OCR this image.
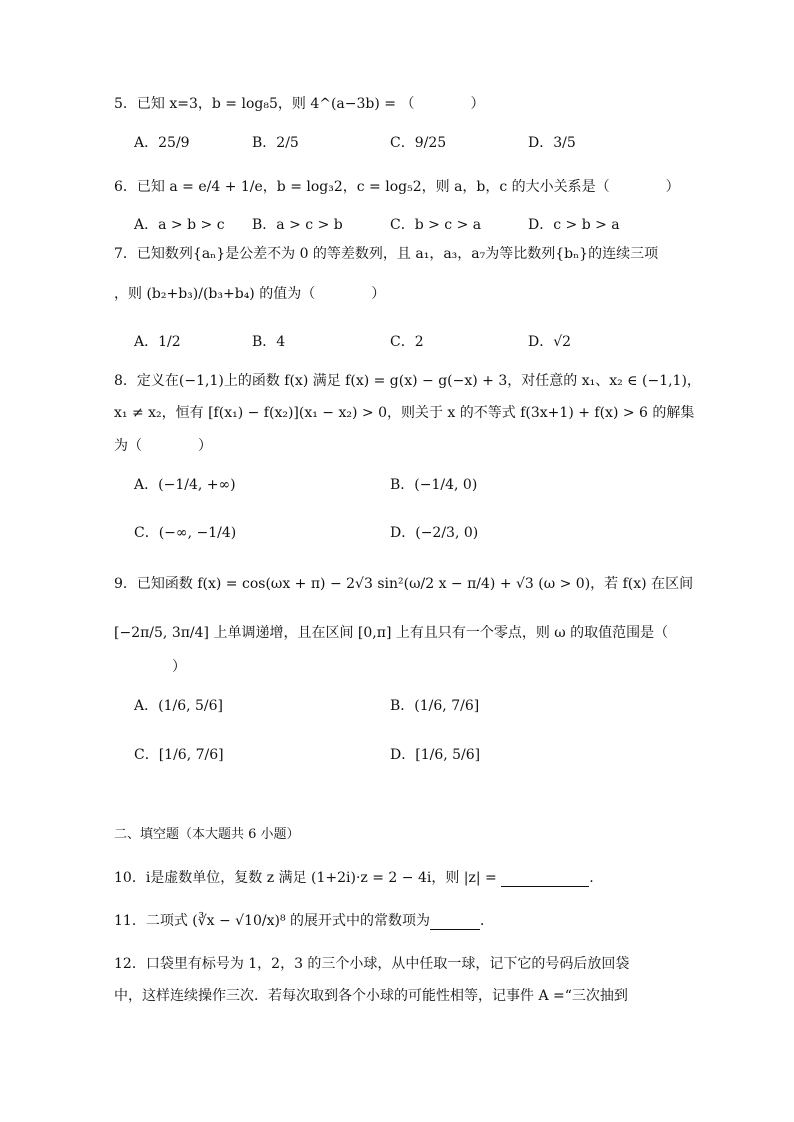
5．已知 x=3，b = log₈5，则 4^(a−3b) = （　　　　）
A．25/9	B．2/5	C．9/25	D．3/5
6．已知 a = e/4 + 1/e，b = log₃2，c = log₅2，则 a，b，c 的大小关系是（　　　　）
A．a > b > c B．a > c > b	C．b > c > a	D．c > b > a
7．已知数列{aₙ}是公差不为 0 的等差数列，且 a₁，a₃，a₇为等比数列{bₙ}的连续三项
，则 (b₂+b₃)/(b₃+b₄) 的值为（　　　　）
A．1/2	B．4	C．2	D．√2
8．定义在(−1,1)上的函数 f(x) 满足 f(x) = g(x) − g(−x) + 3，对任意的 x₁、x₂ ∈ (−1,1)，
x₁ ≠ x₂，恒有 [f(x₁) − f(x₂)](x₁ − x₂) > 0，则关于 x 的不等式 f(3x+1) + f(x) > 6 的解集
为（　　　　）
A．(−1/4, +∞)	B．(−1/4, 0)
C．(−∞, −1/4)	D．(−2/3, 0)
9．已知函数 f(x) = cos(ωx + π) − 2√3 sin²(ω/2 x − π/4) + √3 (ω > 0)，若 f(x) 在区间
[−2π/5, 3π/4] 上单调递增，且在区间 [0,π] 上有且只有一个零点，则 ω 的取值范围是（
）
A．(1/6, 5/6]	B．(1/6, 7/6]
C．[1/6, 7/6]	D．[1/6, 5/6]
二、填空题（本大题共 6 小题）
10．i是虚数单位，复数 z 满足 (1+2i)·z = 2 − 4i，则 |z| =	.
11．二项式 (∛x − √10/x)⁸ 的展开式中的常数项为	．
12．口袋里有标号为 1，2，3 的三个小球，从中任取一球，记下它的号码后放回袋
中，这样连续操作三次．若每次取到各个小球的可能性相等，记事件 A =“三次抽到
